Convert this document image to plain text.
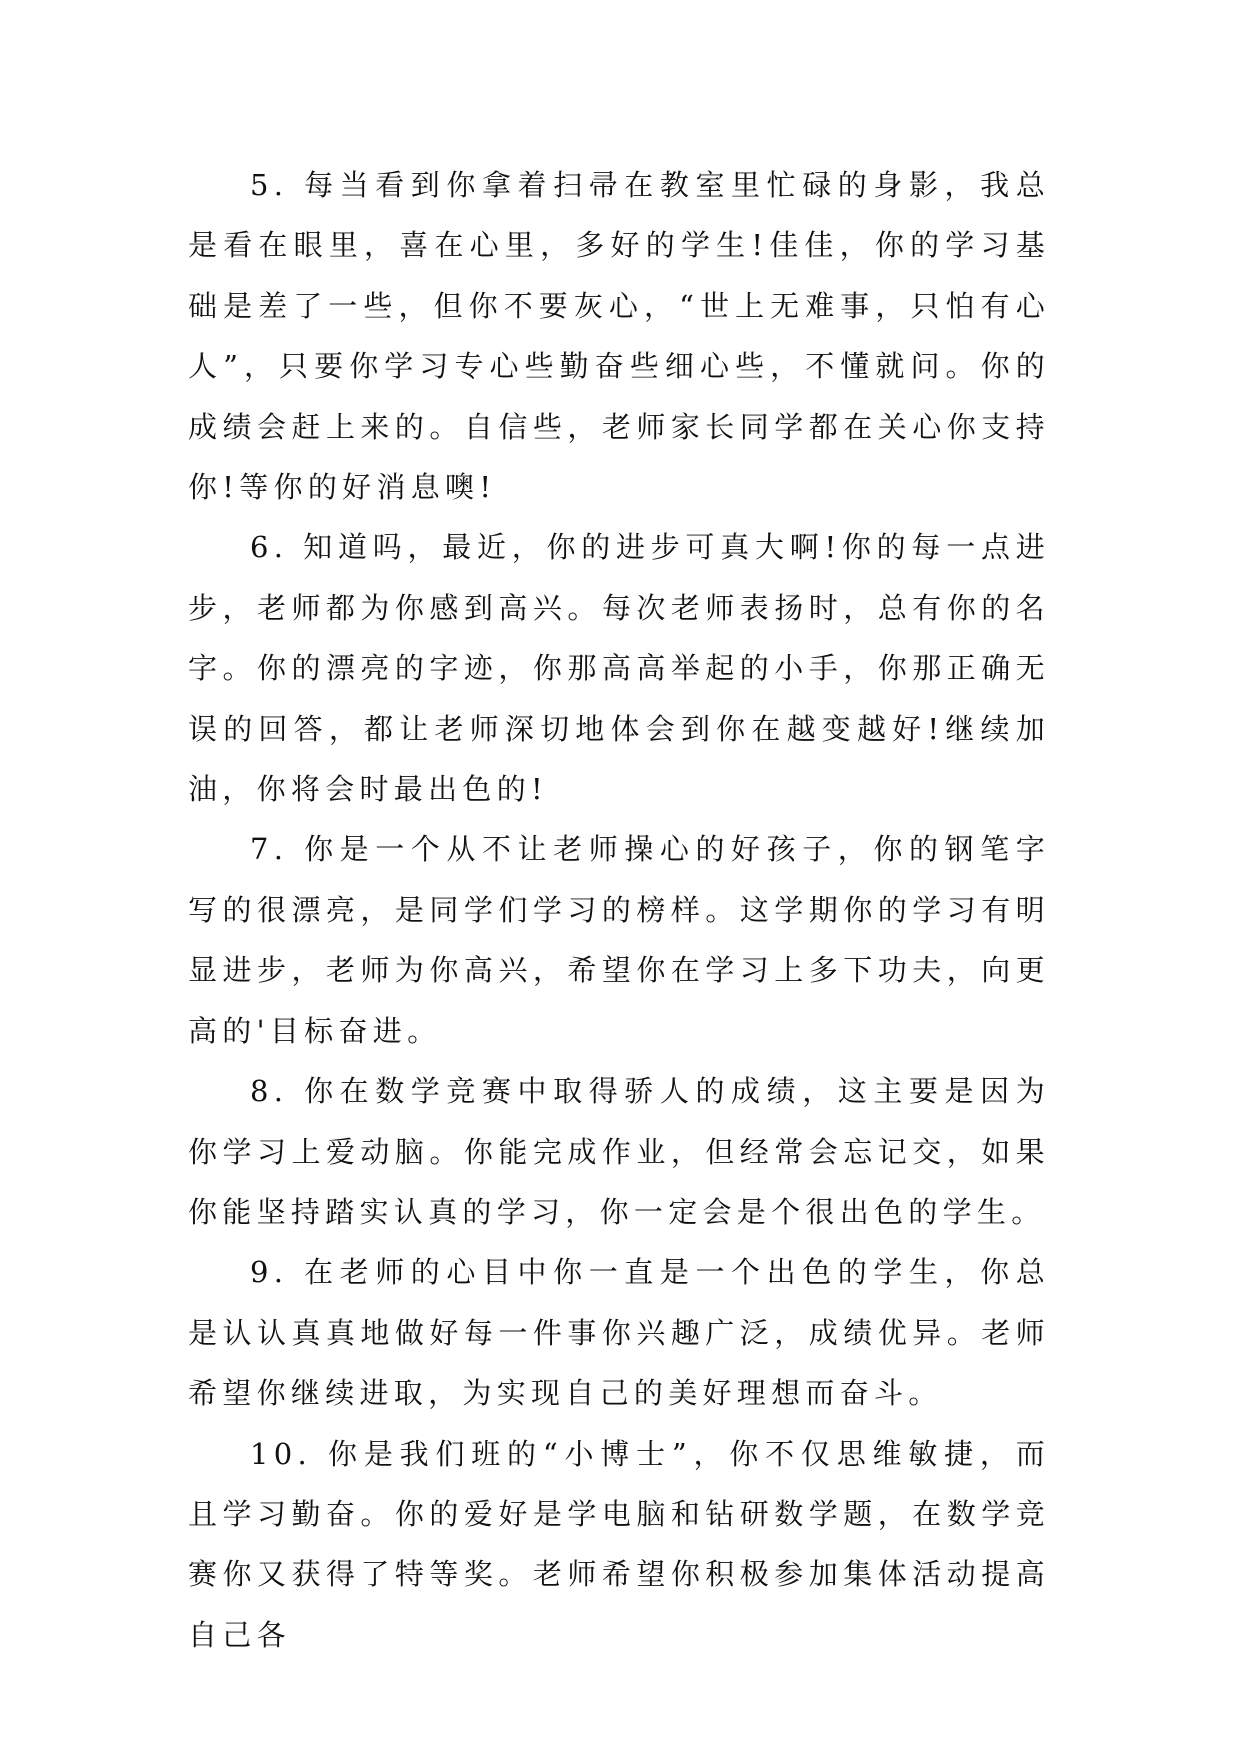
5. 每当看到你拿着扫帚在教室里忙碌的身影，我总是看在眼里，喜在心里，多好的学生!佳佳，你的学习基础是差了一些，但你不要灰心，“世上无难事，只怕有心人”，只要你学习专心些勤奋些细心些，不懂就问。你的成绩会赶上来的。自信些，老师家长同学都在关心你支持你!等你的好消息噢!

6. 知道吗，最近，你的进步可真大啊!你的每一点进步，老师都为你感到高兴。每次老师表扬时，总有你的名字。你的漂亮的字迹，你那高高举起的小手，你那正确无误的回答，都让老师深切地体会到你在越变越好!继续加油，你将会时最出色的!

7. 你是一个从不让老师操心的好孩子，你的钢笔字写的很漂亮，是同学们学习的榜样。这学期你的学习有明显进步，老师为你高兴，希望你在学习上多下功夫，向更高的'目标奋进。

8. 你在数学竞赛中取得骄人的成绩，这主要是因为你学习上爱动脑。你能完成作业，但经常会忘记交，如果你能坚持踏实认真的学习，你一定会是个很出色的学生。

9. 在老师的心目中你一直是一个出色的学生，你总是认认真真地做好每一件事你兴趣广泛，成绩优异。老师希望你继续进取，为实现自己的美好理想而奋斗。

10. 你是我们班的“小博士”，你不仅思维敏捷，而且学习勤奋。你的爱好是学电脑和钻研数学题，在数学竞赛你又获得了特等奖。老师希望你积极参加集体活动提高自己各
